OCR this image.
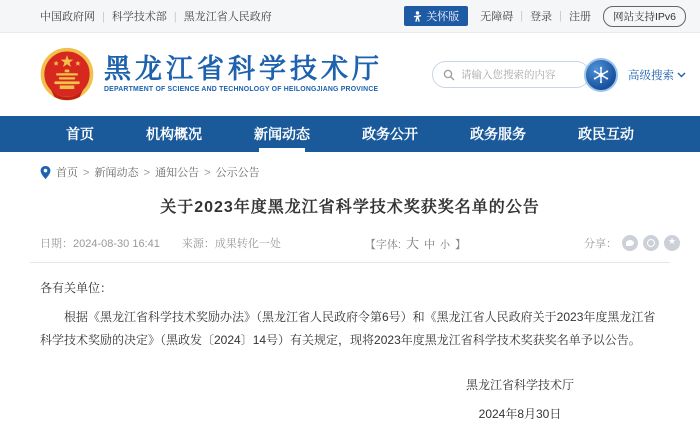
中国政府网 | 科学技术部 | 黑龙江省人民政府	关怀版 无障碍 | 登录 | 注册	网站支持IPv6
黑龙江省科学技术厅
DEPARTMENT OF SCIENCE AND TECHNOLOGY OF HEILONGJIANG PROVINCE
请输入您搜索的内容
高级搜索
首页	机构概况	新闻动态	政务公开	政务服务	政民互动
首页 > 新闻动态 > 通知公告 > 公示公告
关于2023年度黑龙江省科学技术奖获奖名单的公告
日期：2024-08-30 16:41 来源：成果转化一处	【字体: 大 中 小 】	分享：
★

各有关单位：

根据《黑龙江省科学技术奖励办法》（黑龙江省人民政府令第6号）和《黑龙江省人民政府关于2023年度黑龙江省科学技术奖励的决定》（黑政发〔2024〕14号）有关规定，现将2023年度黑龙江省科学技术奖获奖名单予以公告。

黑龙江省科学技术厅
2024年8月30日
